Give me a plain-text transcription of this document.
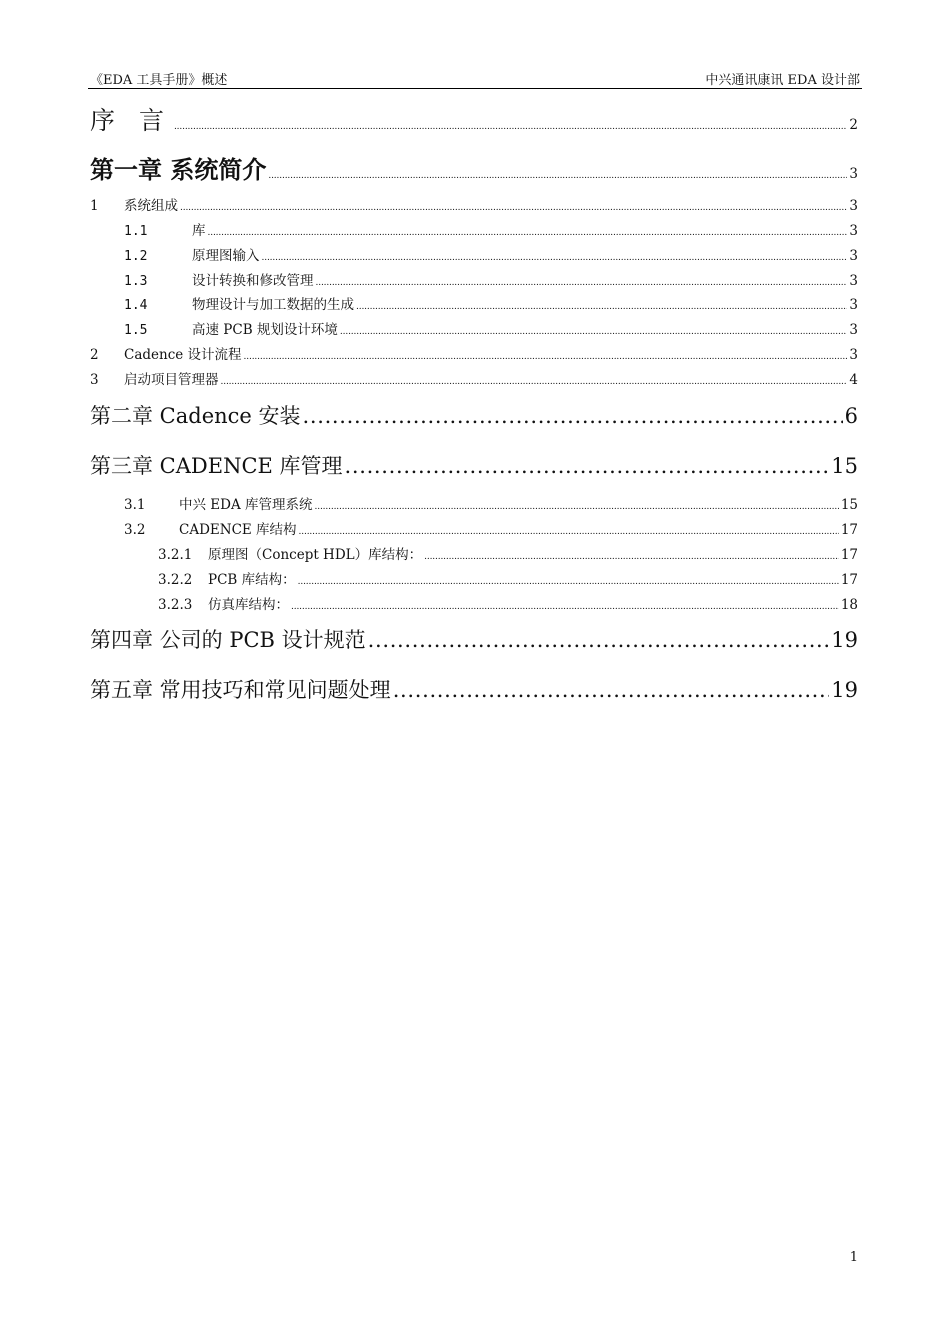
《EDA 工具手册》概述	中兴通讯康讯 EDA 设计部
序 言 . . .	2
第一章 系统简介 . . .	3
1	系统组成 . . .	3
1.1	库 . . .	3
1.2	原理图输入 . . .	3
1.3	设计转换和修改管理 . . .	3
1.4	物理设计与加工数据的生成 . . .	3
1.5	高速 PCB 规划设计环境 . . .	3
2	Cadence 设计流程 . . .	3
3	启动项目管理器 . . .	4
第二章 Cadence 安装 . . .	6
第三章 CADENCE 库管理 . . .	15
3.1	中兴 EDA 库管理系统 . . .	15
3.2	CADENCE 库结构 . . .	17
3.2.1	原理图（Concept HDL）库结构： . . .	17
3.2.2	PCB 库结构： . . .	17
3.2.3	仿真库结构： . . .	18
第四章 公司的 PCB 设计规范 . . .	19
第五章 常用技巧和常见问题处理 . . .	19
1
